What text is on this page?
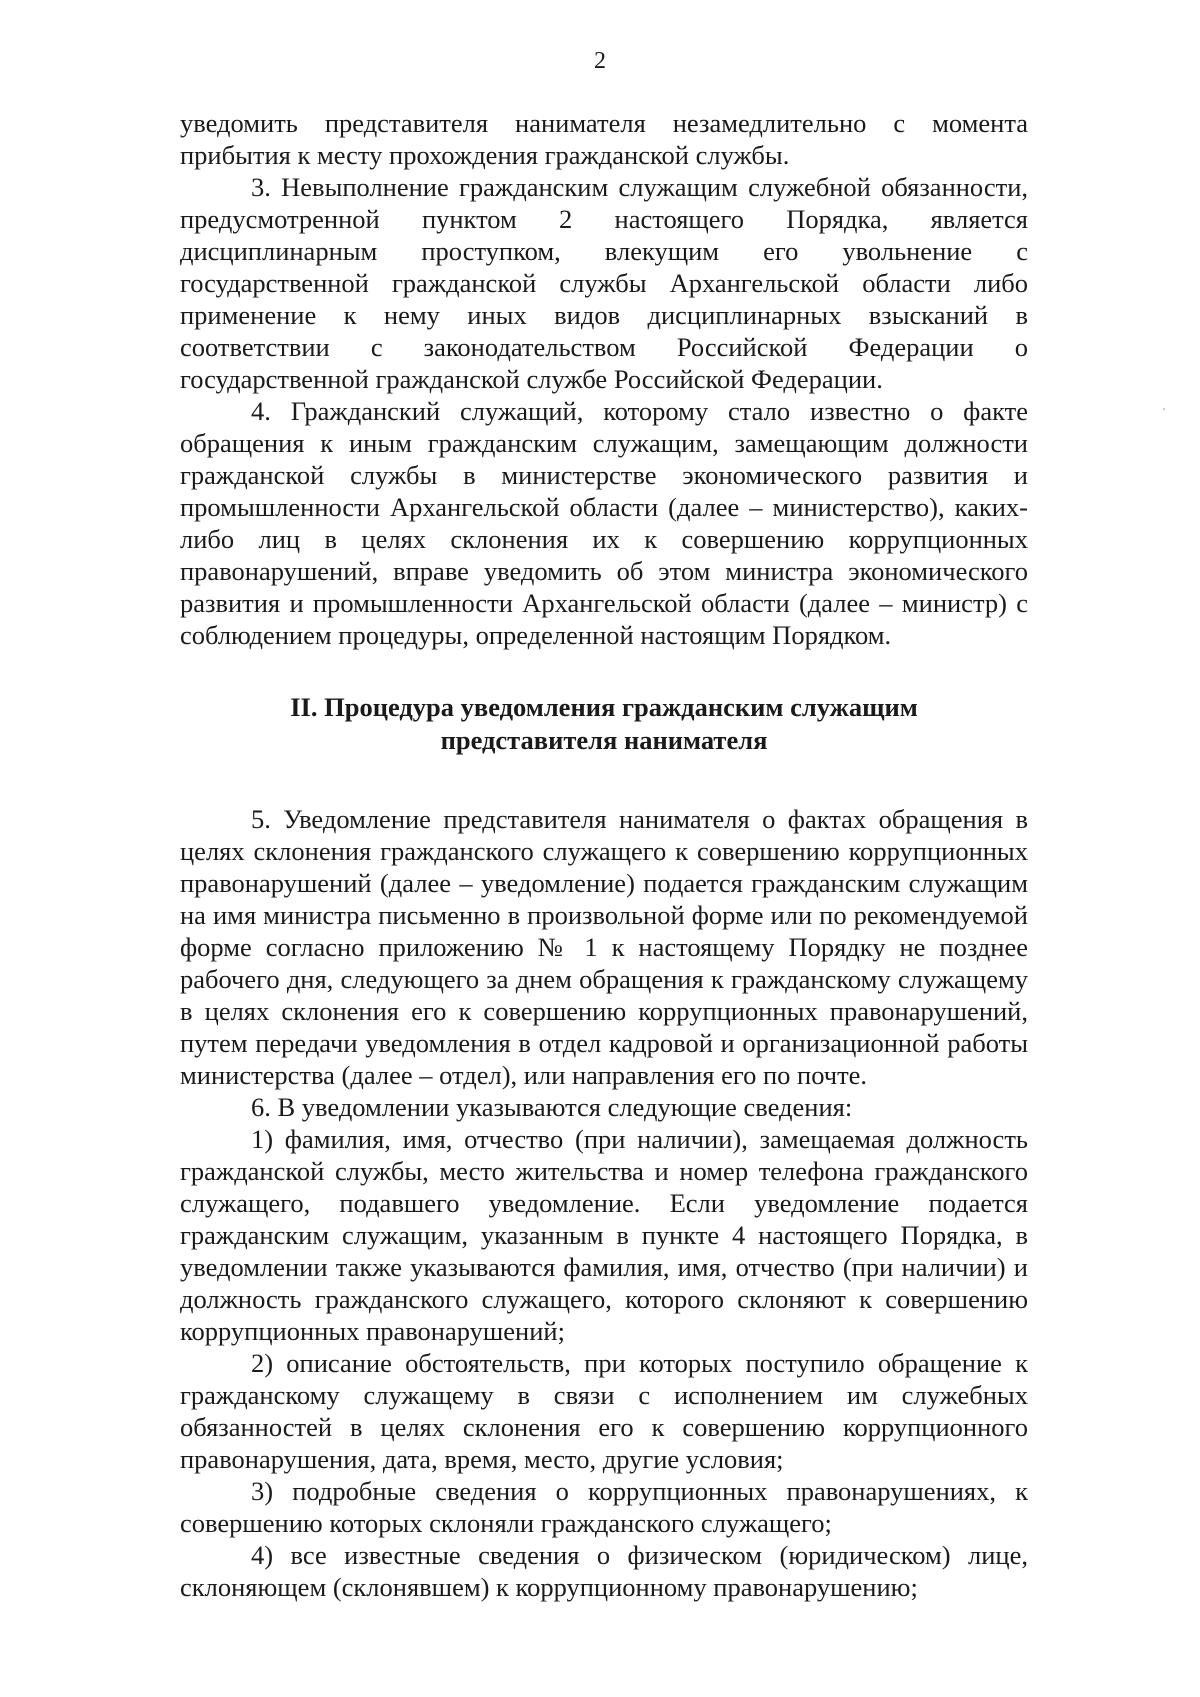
2

уведомить представителя нанимателя незамедлительно с момента прибытия к месту прохождения гражданской службы.

3. Невыполнение гражданским служащим служебной обязанности, предусмотренной пунктом 2 настоящего Порядка, является дисциплинарным проступком, влекущим его увольнение с государственной гражданской службы Архангельской области либо применение к нему иных видов дисциплинарных взысканий в соответствии с законодательством Российской Федерации о государственной гражданской службе Российской Федерации.

4. Гражданский служащий, которому стало известно о факте обращения к иным гражданским служащим, замещающим должности гражданской службы в министерстве экономического развития и промышленности Архангельской области (далее – министерство), каких-либо лиц в целях склонения их к совершению коррупционных правонарушений, вправе уведомить об этом министра экономического развития и промышленности Архангельской области (далее – министр) с соблюдением процедуры, определенной настоящим Порядком.

II. Процедура уведомления гражданским служащим
представителя нанимателя

5. Уведомление представителя нанимателя о фактах обращения в целях склонения гражданского служащего к совершению коррупционных правонарушений (далее – уведомление) подается гражданским служащим на имя министра письменно в произвольной форме или по рекомендуемой форме согласно приложению № 1 к настоящему Порядку не позднее рабочего дня, следующего за днем обращения к гражданскому служащему в целях склонения его к совершению коррупционных правонарушений, путем передачи уведомления в отдел кадровой и организационной работы министерства (далее – отдел), или направления его по почте.

6. В уведомлении указываются следующие сведения:

1) фамилия, имя, отчество (при наличии), замещаемая должность гражданской службы, место жительства и номер телефона гражданского служащего, подавшего уведомление. Если уведомление подается гражданским служащим, указанным в пункте 4 настоящего Порядка, в уведомлении также указываются фамилия, имя, отчество (при наличии) и должность гражданского служащего, которого склоняют к совершению коррупционных правонарушений;

2) описание обстоятельств, при которых поступило обращение к гражданскому служащему в связи с исполнением им служебных обязанностей в целях склонения его к совершению коррупционного правонарушения, дата, время, место, другие условия;

3) подробные сведения о коррупционных правонарушениях, к совершению которых склоняли гражданского служащего;

4) все известные сведения о физическом (юридическом) лице, склоняющем (склонявшем) к коррупционному правонарушению;
